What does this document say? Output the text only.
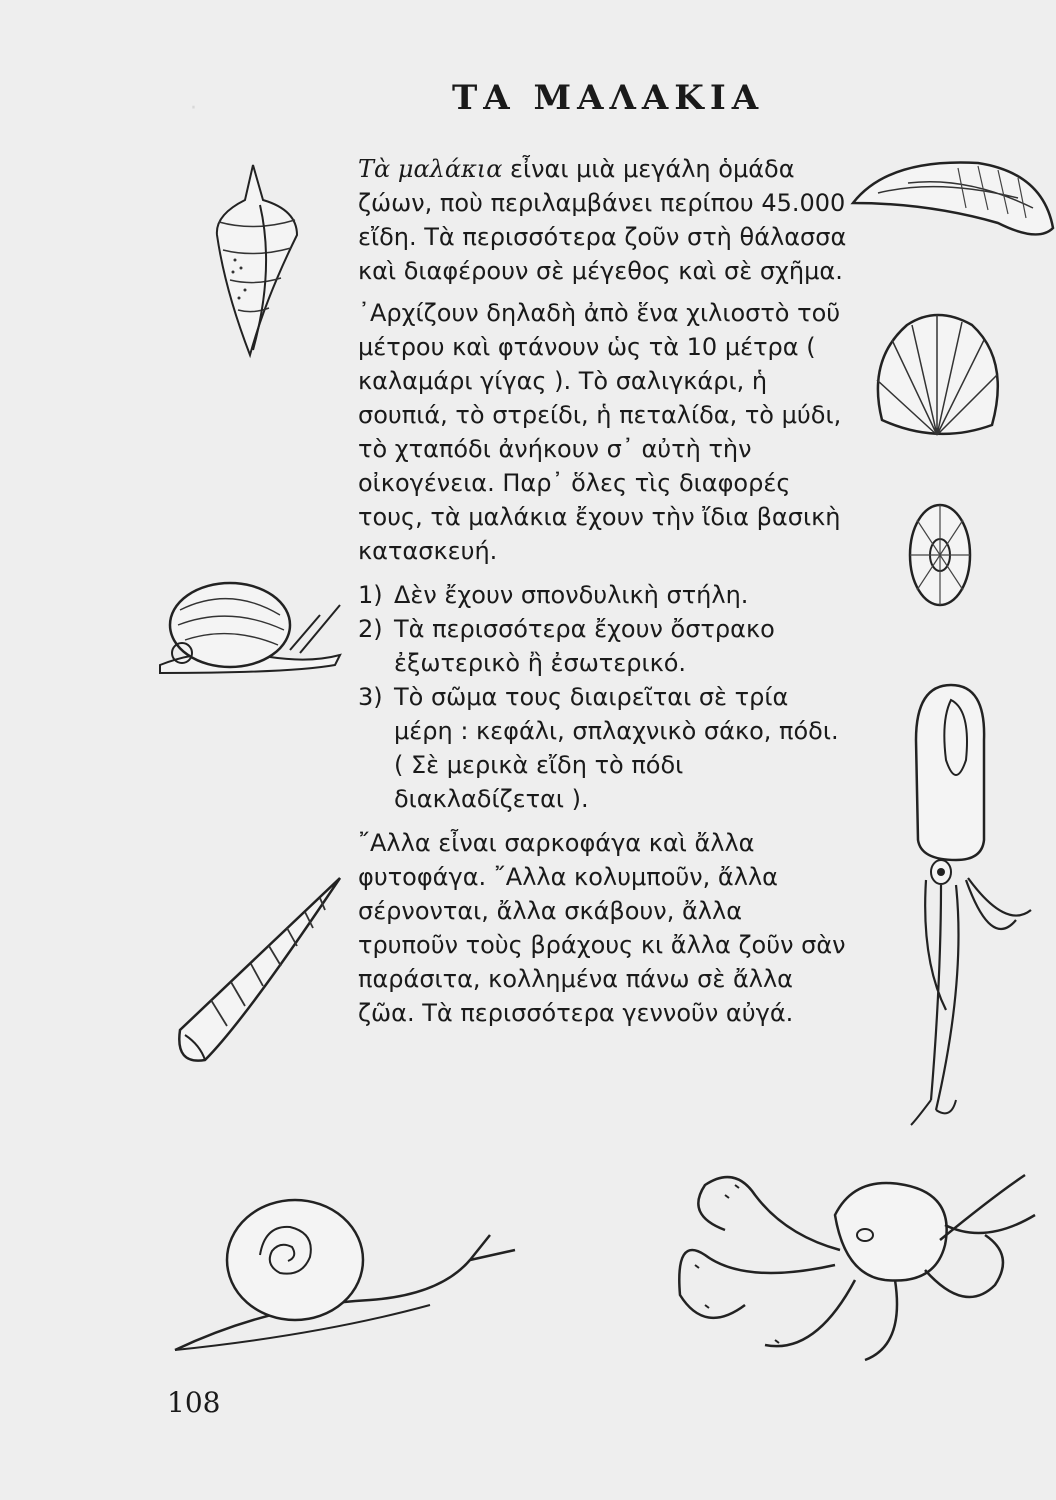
·	ΤΑ ΜΑΛΑΚΙΑ

Τὰ μαλάκια εἶναι μιὰ μεγάλη ὁμάδα ζώων, ποὺ περιλαμβάνει περίπου 45.000 εἴδη. Τὰ περισσότερα ζοῦν στὴ θάλασσα καὶ διαφέρουν σὲ μέγεθος καὶ σὲ σχῆμα.

᾿Αρχίζουν δηλαδὴ ἀπὸ ἕνα χιλιοστὸ τοῦ μέτρου καὶ φτάνουν ὡς τὰ 10 μέτρα ( καλαμάρι γίγας ). Τὸ σαλιγκάρι, ἡ σουπιά, τὸ στρείδι, ἡ πεταλίδα, τὸ μύδι, τὸ χταπόδι ἀνήκουν σ᾿ αὐτὴ τὴν οἰκογένεια. Παρ᾿ ὅλες τὶς διαφορές τους, τὰ μαλάκια ἔχουν τὴν ἴδια βασικὴ κατασκευή.

1) Δὲν ἔχουν σπονδυλικὴ στήλη.
2) Τὰ περισσότερα ἔχουν ὄστρακο ἐξωτερικὸ ἢ ἐσωτερικό.
3) Τὸ σῶμα τους διαιρεῖται σὲ τρία μέρη : κεφάλι, σπλαχνικὸ σάκο, πόδι. ( Σὲ μερικὰ εἴδη τὸ πόδι διακλαδίζεται ).

῎Αλλα εἶναι σαρκοφάγα καὶ ἄλλα φυτοφάγα. ῎Αλλα κολυμποῦν, ἄλλα σέρνονται, ἄλλα σκάβουν, ἄλλα τρυποῦν τοὺς βράχους κι ἄλλα ζοῦν σὰν παράσιτα, κολλημένα πάνω σὲ ἄλλα ζῶα. Τὰ περισσότερα γεννοῦν αὐγά.

108
